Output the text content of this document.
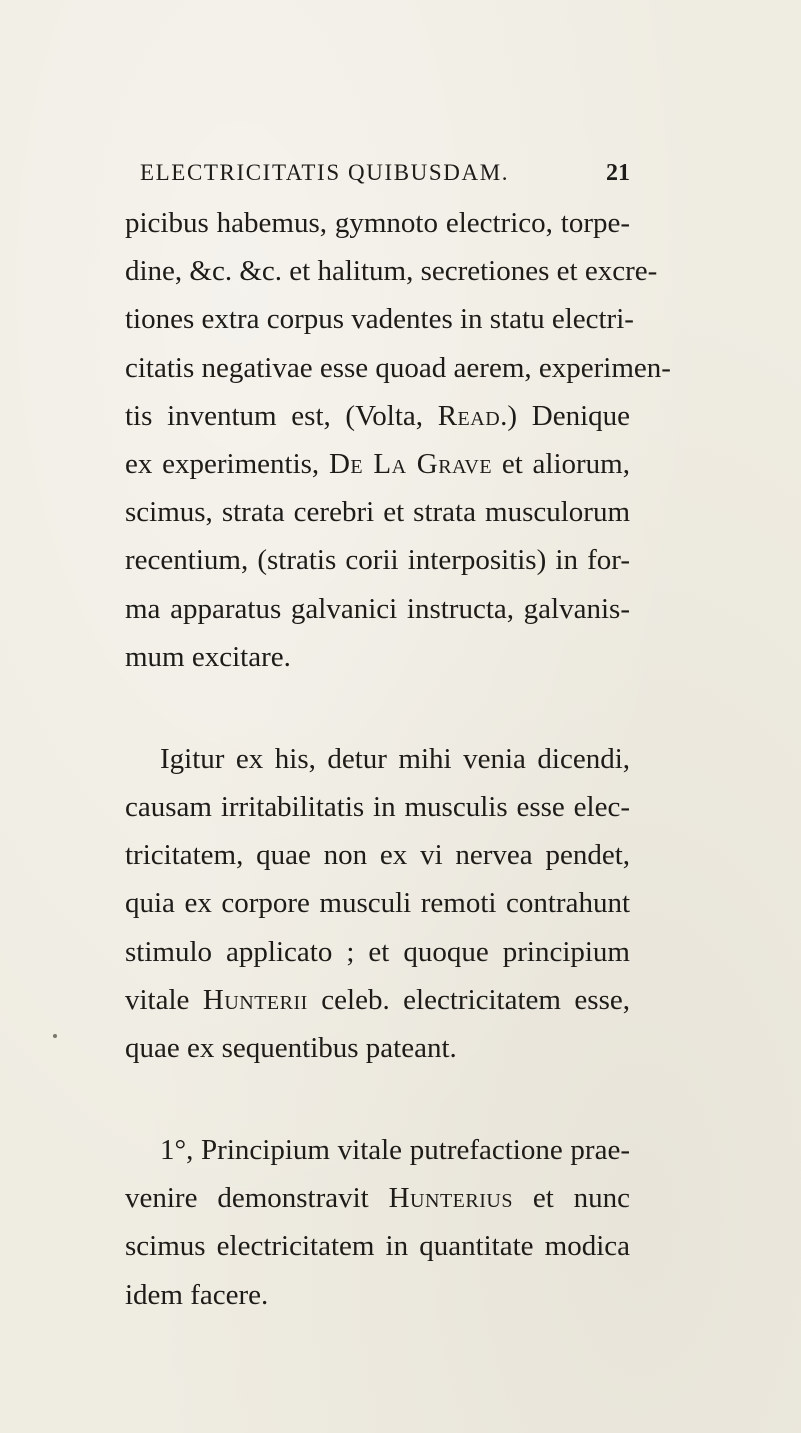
ELECTRICITATIS QUIBUSDAM.	21
picibus habemus, gymnoto electrico, torpe-
dine, &c. &c. et halitum, secretiones et excre-
tiones extra corpus vadentes in statu electri-
citatis negativae esse quoad aerem, experimen-
tis inventum est, (Volta, Read.) Denique
ex experimentis, De La Grave et aliorum,
scimus, strata cerebri et strata musculorum
recentium, (stratis corii interpositis) in for-
ma apparatus galvanici instructa, galvanis-
mum excitare.
Igitur ex his, detur mihi venia dicendi,
causam irritabilitatis in musculis esse elec-
tricitatem, quae non ex vi nervea pendet,
quia ex corpore musculi remoti contrahunt
stimulo applicato ; et quoque principium
vitale Hunterii celeb. electricitatem esse,
quae ex sequentibus pateant.
1°, Principium vitale putrefactione prae-
venire demonstravit Hunterius et nunc
scimus electricitatem in quantitate modica
idem facere.
